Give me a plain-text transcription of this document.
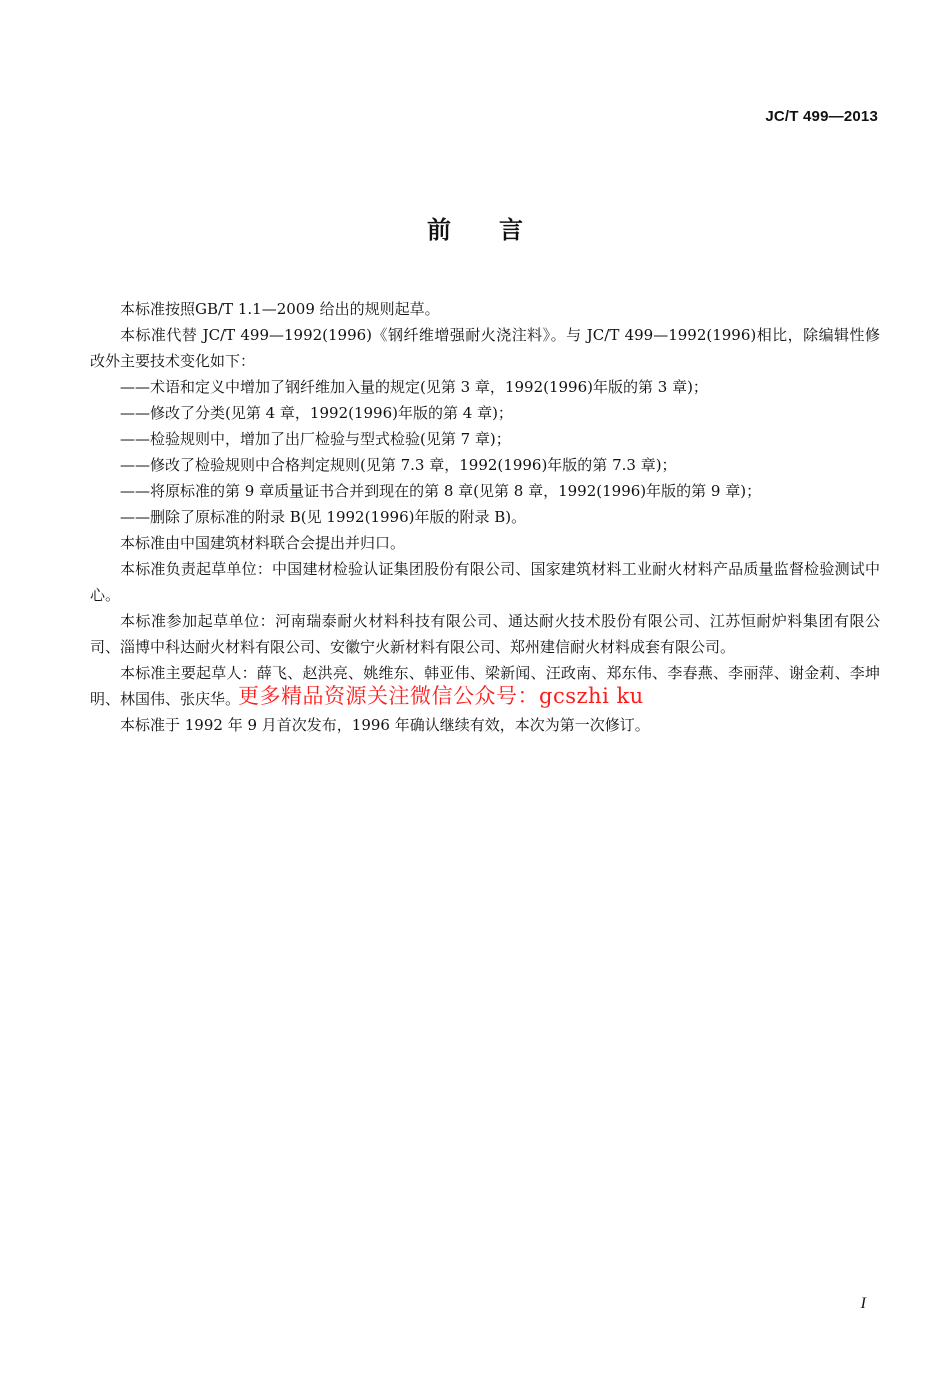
JC/T 499—2013
前 言

本标准按照GB/T 1.1—2009 给出的规则起草。

本标准代替 JC/T 499—1992(1996)《钢纤维增强耐火浇注料》。与 JC/T 499—1992(1996)相比，除编辑性修改外主要技术变化如下：

——术语和定义中增加了钢纤维加入量的规定(见第 3 章，1992(1996)年版的第 3 章)；

——修改了分类(见第 4 章，1992(1996)年版的第 4 章)；

——检验规则中，增加了出厂检验与型式检验(见第 7 章)；

——修改了检验规则中合格判定规则(见第 7.3 章，1992(1996)年版的第 7.3 章)；

——将原标准的第 9 章质量证书合并到现在的第 8 章(见第 8 章，1992(1996)年版的第 9 章)；

——删除了原标准的附录 B(见 1992(1996)年版的附录 B)。

本标准由中国建筑材料联合会提出并归口。

本标准负责起草单位：中国建材检验认证集团股份有限公司、国家建筑材料工业耐火材料产品质量监督检验测试中心。

本标准参加起草单位：河南瑞泰耐火材料科技有限公司、通达耐火技术股份有限公司、江苏恒耐炉料集团有限公司、淄博中科达耐火材料有限公司、安徽宁火新材料有限公司、郑州建信耐火材料成套有限公司。

本标准主要起草人：薛飞、赵洪亮、姚维东、韩亚伟、梁新闻、汪政南、郑东伟、李春燕、李丽萍、谢金莉、李坤明、林国伟、张庆华。

本标准于 1992 年 9 月首次发布，1996 年确认继续有效，本次为第一次修订。

更多精品资源关注微信公众号：gcszhi ku
I
